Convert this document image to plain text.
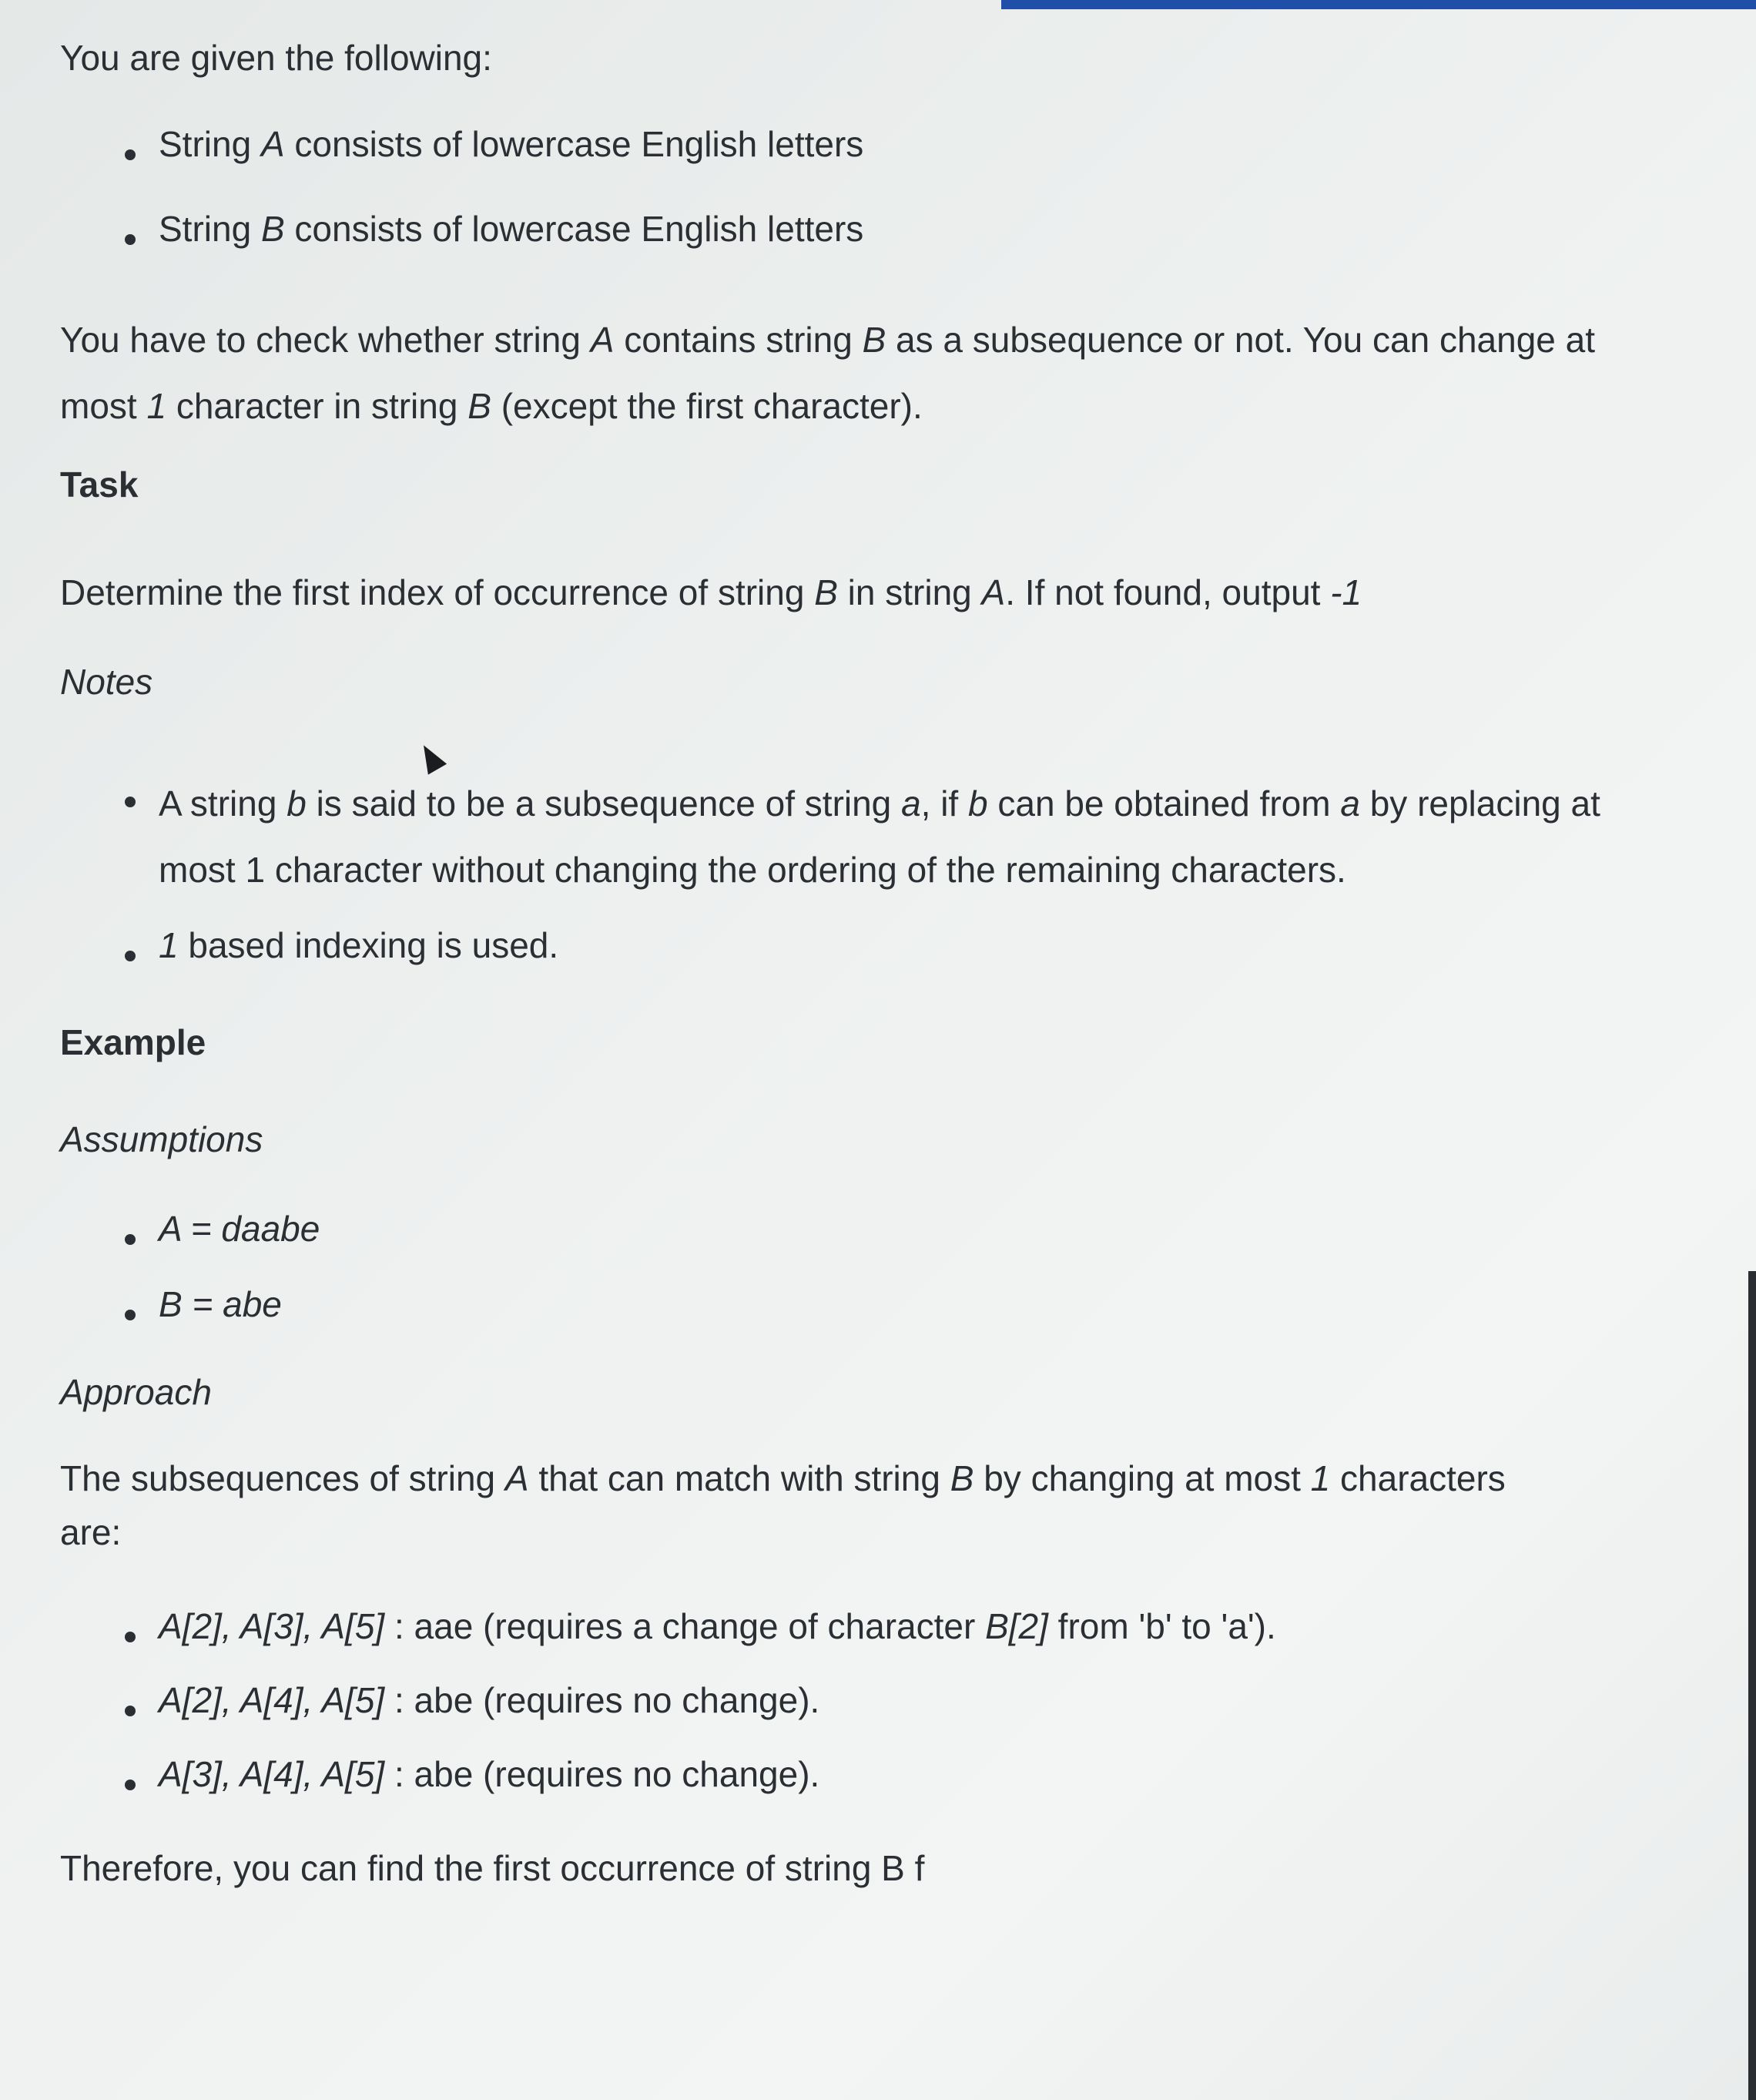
You are given the following:

String A consists of lowercase English letters
String B consists of lowercase English letters

You have to check whether string A contains string B as a subsequence or not. You can change at most 1 character in string B (except the first character).

Task

Determine the first index of occurrence of string B in string A. If not found, output -1

Notes

A string b is said to be a subsequence of string a, if b can be obtained from a by replacing at most 1 character without changing the ordering of the remaining characters.
1 based indexing is used.

Example

Assumptions

A = daabe
B = abe

Approach

The subsequences of string A that can match with string B by changing at most 1 characters are:

A[2], A[3], A[5] : aae (requires a change of character B[2] from 'b' to 'a').
A[2], A[4], A[5] : abe (requires no change).
A[3], A[4], A[5] : abe (requires no change).

Therefore, you can find the first occurrence of string B f
